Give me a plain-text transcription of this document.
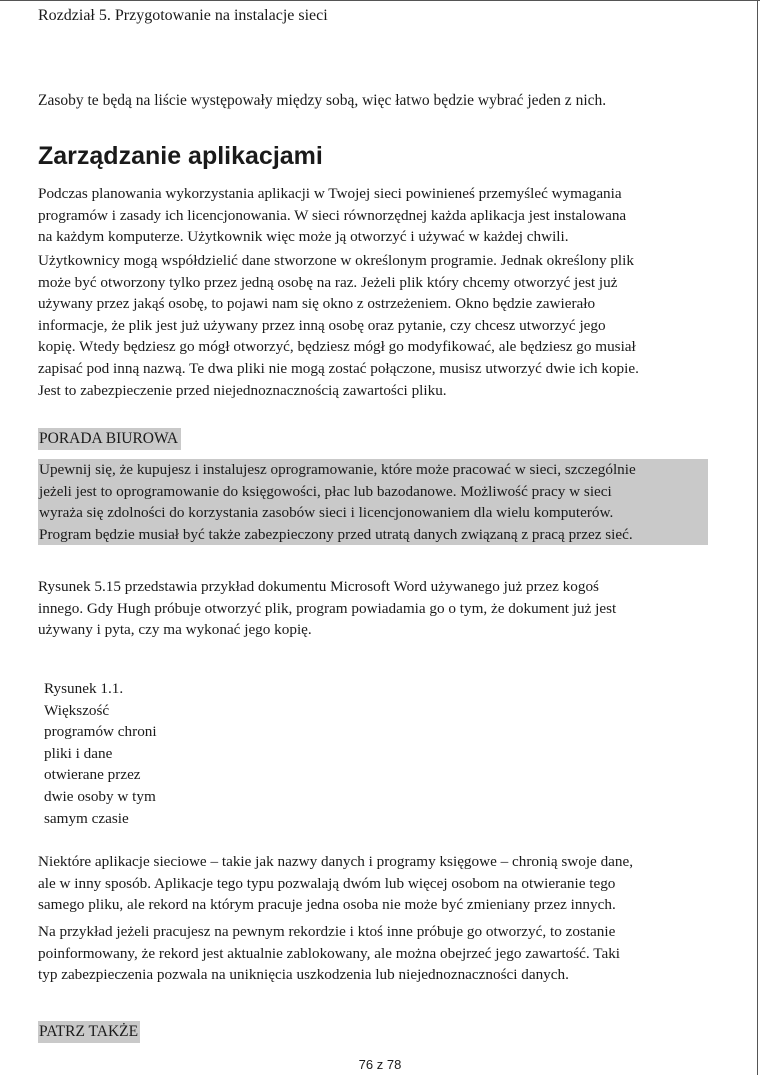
Rozdział 5. Przygotowanie na instalacje sieci
Zasoby te będą na liście występowały między sobą, więc łatwo będzie wybrać jeden z nich.
Zarządzanie aplikacjami
Podczas planowania wykorzystania aplikacji w Twojej sieci powinieneś przemyśleć wymagania
programów i zasady ich licencjonowania. W sieci równorzędnej każda aplikacja jest instalowana
na każdym komputerze. Użytkownik więc może ją otworzyć i używać w każdej chwili.
Użytkownicy mogą współdzielić dane stworzone w określonym programie. Jednak określony plik
może być otworzony tylko przez jedną osobę na raz. Jeżeli plik który chcemy otworzyć jest już
używany przez jakąś osobę, to pojawi nam się okno z ostrzeżeniem. Okno będzie zawierało
informacje, że plik jest już używany przez inną osobę oraz pytanie, czy chcesz utworzyć jego
kopię. Wtedy będziesz go mógł otworzyć, będziesz mógł go modyfikować, ale będziesz go musiał
zapisać pod inną nazwą. Te dwa pliki nie mogą zostać połączone, musisz utworzyć dwie ich kopie.
Jest to zabezpieczenie przed niejednoznacznością zawartości pliku.
PORADA BIUROWA
Upewnij się, że kupujesz i instalujesz oprogramowanie, które może pracować w sieci, szczególnie
jeżeli jest to oprogramowanie do księgowości, płac lub bazodanowe. Możliwość pracy w sieci
wyraża się zdolności do korzystania zasobów sieci i licencjonowaniem dla wielu komputerów.
Program będzie musiał być także zabezpieczony przed utratą danych związaną z pracą przez sieć.
Rysunek 5.15 przedstawia przykład dokumentu Microsoft Word używanego już przez kogoś
innego. Gdy Hugh próbuje otworzyć plik, program powiadamia go o tym, że dokument już jest
używany i pyta, czy ma wykonać jego kopię.
Rysunek 1.1.
Większość
programów chroni
pliki i dane
otwierane przez
dwie osoby w tym
samym czasie
Niektóre aplikacje sieciowe – takie jak nazwy danych i programy księgowe – chronią swoje dane,
ale w inny sposób. Aplikacje tego typu pozwalają dwóm lub więcej osobom na otwieranie tego
samego pliku, ale rekord na którym pracuje jedna osoba nie może być zmieniany przez innych.
Na przykład jeżeli pracujesz na pewnym rekordzie i ktoś inne próbuje go otworzyć, to zostanie
poinformowany, że rekord jest aktualnie zablokowany, ale można obejrzeć jego zawartość. Taki
typ zabezpieczenia pozwala na uniknięcia uszkodzenia lub niejednoznaczności danych.
PATRZ TAKŻE
76 z 78
